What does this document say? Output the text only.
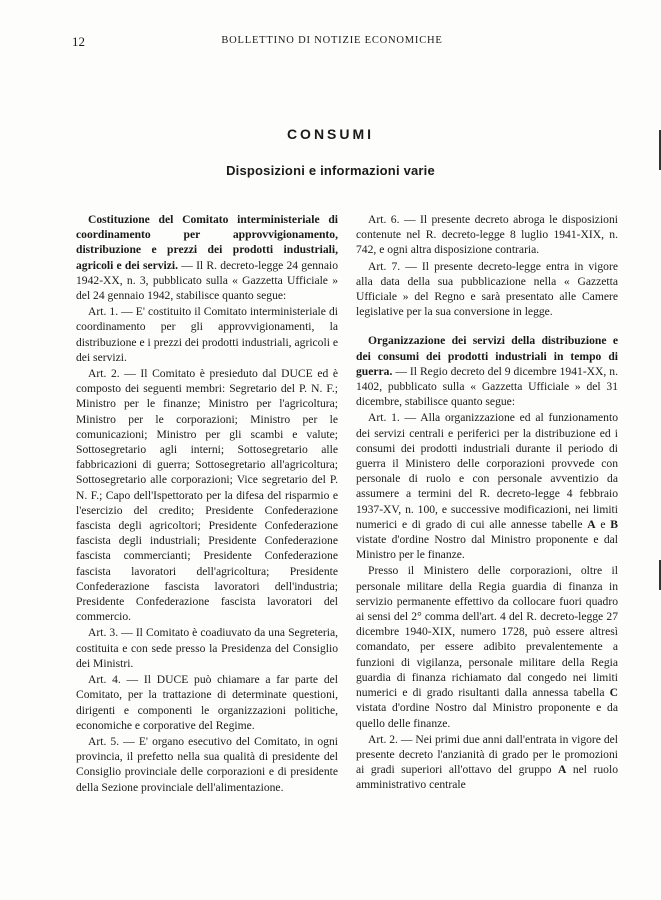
12	BOLLETTINO DI NOTIZIE ECONOMICHE
CONSUMI
Disposizioni e informazioni varie

Costituzione del Comitato interministeriale di coordinamento per approvvigionamento, distribuzione e prezzi dei prodotti industriali, agricoli e dei servizi. — Il R. decreto-legge 24 gennaio 1942-XX, n. 3, pubblicato sulla « Gazzetta Ufficiale » del 24 gennaio 1942, stabilisce quanto segue:

Art. 1. — E' costituito il Comitato interministeriale di coordinamento per gli approvvigionamenti, la distribuzione e i prezzi dei prodotti industriali, agricoli e dei servizi.

Art. 2. — Il Comitato è presieduto dal DUCE ed è composto dei seguenti membri: Segretario del P. N. F.; Ministro per le finanze; Ministro per l'agricoltura; Ministro per le corporazioni; Ministro per le comunicazioni; Ministro per gli scambi e valute; Sottosegretario agli interni; Sottosegretario alle fabbricazioni di guerra; Sottosegretario all'agricoltura; Sottosegretario alle corporazioni; Vice segretario del P. N. F.; Capo dell'Ispettorato per la difesa del risparmio e l'esercizio del credito; Presidente Confederazione fascista degli agricoltori; Presidente Confederazione fascista degli industriali; Presidente Confederazione fascista commercianti; Presidente Confederazione fascista lavoratori dell'agricoltura; Presidente Confederazione fascista lavoratori dell'industria; Presidente Confederazione fascista lavoratori del commercio.

Art. 3. — Il Comitato è coadiuvato da una Segreteria, costituita e con sede presso la Presidenza del Consiglio dei Ministri.

Art. 4. — Il DUCE può chiamare a far parte del Comitato, per la trattazione di determinate questioni, dirigenti e componenti le organizzazioni politiche, economiche e corporative del Regime.

Art. 5. — E' organo esecutivo del Comitato, in ogni provincia, il prefetto nella sua qualità di presidente del Consiglio provinciale delle corporazioni e di presidente della Sezione provinciale dell'alimentazione.

Art. 6. — Il presente decreto abroga le disposizioni contenute nel R. decreto-legge 8 luglio 1941-XIX, n. 742, e ogni altra disposizione contraria.

Art. 7. — Il presente decreto-legge entra in vigore alla data della sua pubblicazione nella « Gazzetta Ufficiale » del Regno e sarà presentato alle Camere legislative per la sua conversione in legge.

Organizzazione dei servizi della distribuzione e dei consumi dei prodotti industriali in tempo di guerra. — Il Regio decreto del 9 dicembre 1941-XX, n. 1402, pubblicato sulla « Gazzetta Ufficiale » del 31 dicembre, stabilisce quanto segue:

Art. 1. — Alla organizzazione ed al funzionamento dei servizi centrali e periferici per la distribuzione ed i consumi dei prodotti industriali durante il periodo di guerra il Ministero delle corporazioni provvede con personale di ruolo e con personale avventizio da assumere a termini del R. decreto-legge 4 febbraio 1937-XV, n. 100, e successive modificazioni, nei limiti numerici e di grado di cui alle annesse tabelle A e B vistate d'ordine Nostro dal Ministro proponente e dal Ministro per le finanze.

Presso il Ministero delle corporazioni, oltre il personale militare della Regia guardia di finanza in servizio permanente effettivo da collocare fuori quadro ai sensi del 2° comma dell'art. 4 del R. decreto-legge 27 dicembre 1940-XIX, numero 1728, può essere altresì comandato, per essere adibito prevalentemente a funzioni di vigilanza, personale militare della Regia guardia di finanza richiamato dal congedo nei limiti numerici e di grado risultanti dalla annessa tabella C vistata d'ordine Nostro dal Ministro proponente e da quello delle finanze.

Art. 2. — Nei primi due anni dall'entrata in vigore del presente decreto l'anzianità di grado per le promozioni ai gradi superiori all'ottavo del gruppo A nel ruolo amministrativo centrale
